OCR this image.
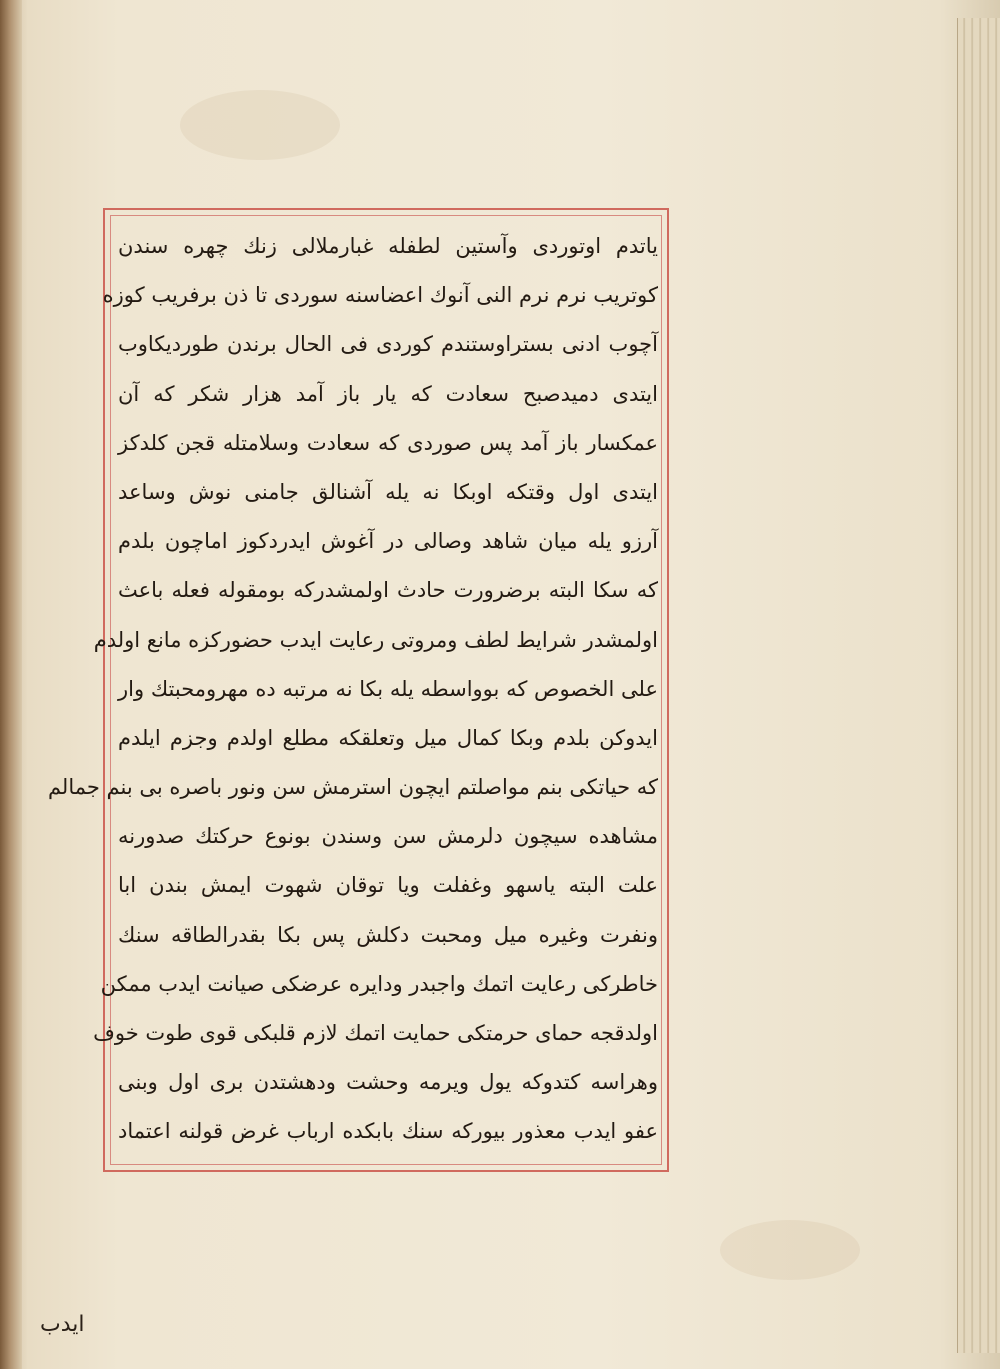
یاتدم اوتوردی وآستین لطفله غبارملالی زنك چهره سندن
کوتریب نرم نرم النی آنوك اعضاسنه سوردی تا ذن برفریب کوزه
آچوب ادنی بستراوستندم کوردی فی الحال برندن طوردیکاوب
ایتدی دمیدصبح سعادت که یار باز آمد هزار شکر که آن
عمکسار باز آمد پس صوردی که سعادت وسلامتله قجن کلدکز
ایتدی اول وقتکه اوبکا نه یله آشنالق جامنی نوش وساعد
آرزو یله میان شاهد وصالی در آغوش ایدردکوز اماچون بلدم
که سکا البته برضرورت حادث اولمشدرکه بومقوله فعله باعث
اولمشدر شرایط لطف ومروتی رعایت ایدب حضورکزه مانع اولدم
علی الخصوص که بوواسطه یله بکا نه مرتبه ده مهرومحبتك وار
ایدوکن بلدم وبکا کمال میل وتعلقکه مطلع اولدم وجزم ایلدم
که حیاتکی بنم مواصلتم ایچون استرمش سن ونور باصره بی بنم جمالم
مشاهده سیچون دلرمش سن وسندن بونوع حرکتك صدورنه
علت البته یاسهو وغفلت ویا توقان شهوت ایمش بندن ابا
ونفرت وغیره میل ومحبت دکلش پس بکا بقدرالطاقه سنك
خاطرکی رعایت اتمك واجبدر ودایره عرضکی صیانت ایدب ممکن
اولدقجه حمای حرمتکی حمایت اتمك لازم قلبکی قوی طوت خوف
وهراسه کتدوکه یول ویرمه وحشت ودهشتدن بری اول وبنی
عفو ایدب معذور بیورکه سنك بابکده ارباب غرض قولنه اعتماد
ایدب
